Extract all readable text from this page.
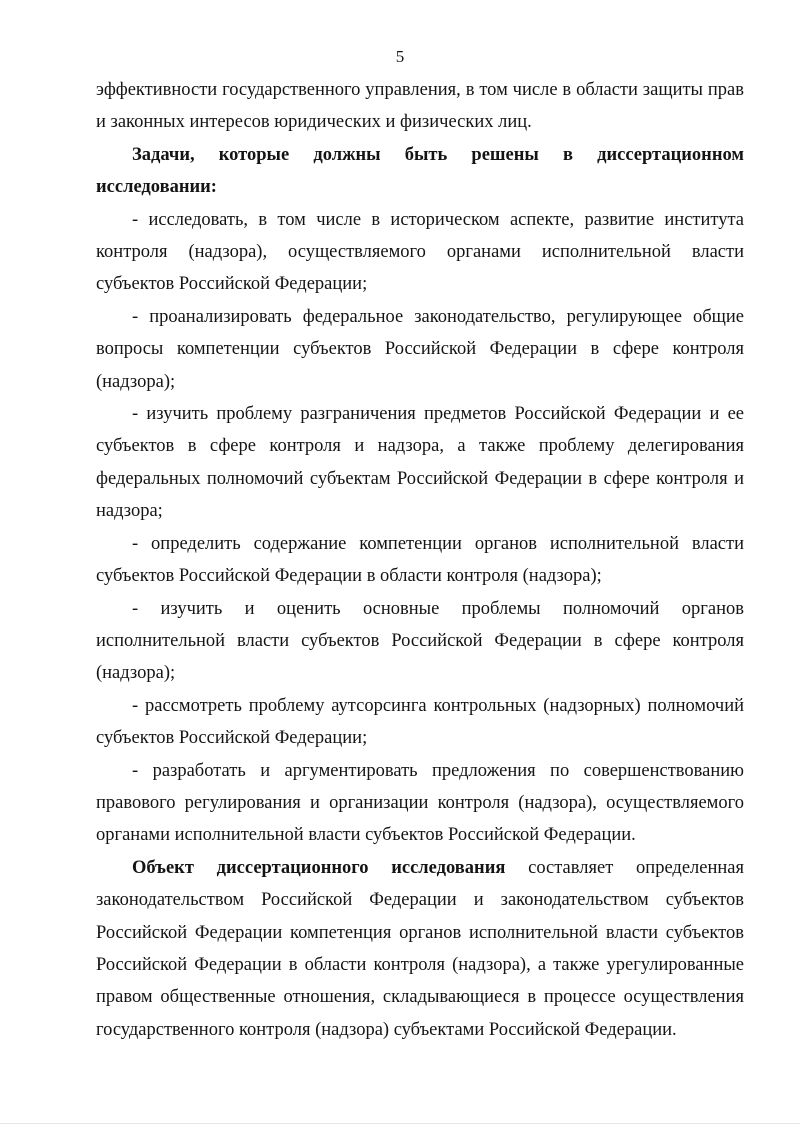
5

эффективности государственного управления, в том числе в области защиты прав и законных интересов юридических и физических лиц.

Задачи, которые должны быть решены в диссертационном исследовании:

- исследовать, в том числе в историческом аспекте, развитие института контроля (надзора), осуществляемого органами исполнительной власти субъектов Российской Федерации;

- проанализировать федеральное законодательство, регулирующее общие вопросы компетенции субъектов Российской Федерации в сфере контроля (надзора);

- изучить проблему разграничения предметов Российской Федерации и ее субъектов в сфере контроля и надзора, а также проблему делегирования федеральных полномочий субъектам Российской Федерации в сфере контроля и надзора;

- определить содержание компетенции органов исполнительной власти субъектов Российской Федерации в области контроля (надзора);

- изучить и оценить основные проблемы полномочий органов исполнительной власти субъектов Российской Федерации в сфере контроля (надзора);

- рассмотреть проблему аутсорсинга контрольных (надзорных) полномочий субъектов Российской Федерации;

- разработать и аргументировать предложения по совершенствованию правового регулирования и организации контроля (надзора), осуществляемого органами исполнительной власти субъектов Российской Федерации.

Объект диссертационного исследования составляет определенная законодательством Российской Федерации и законодательством субъектов Российской Федерации компетенция органов исполнительной власти субъектов Российской Федерации в области контроля (надзора), а также урегулированные правом общественные отношения, складывающиеся в процессе осуществления государственного контроля (надзора) субъектами Российской Федерации.
